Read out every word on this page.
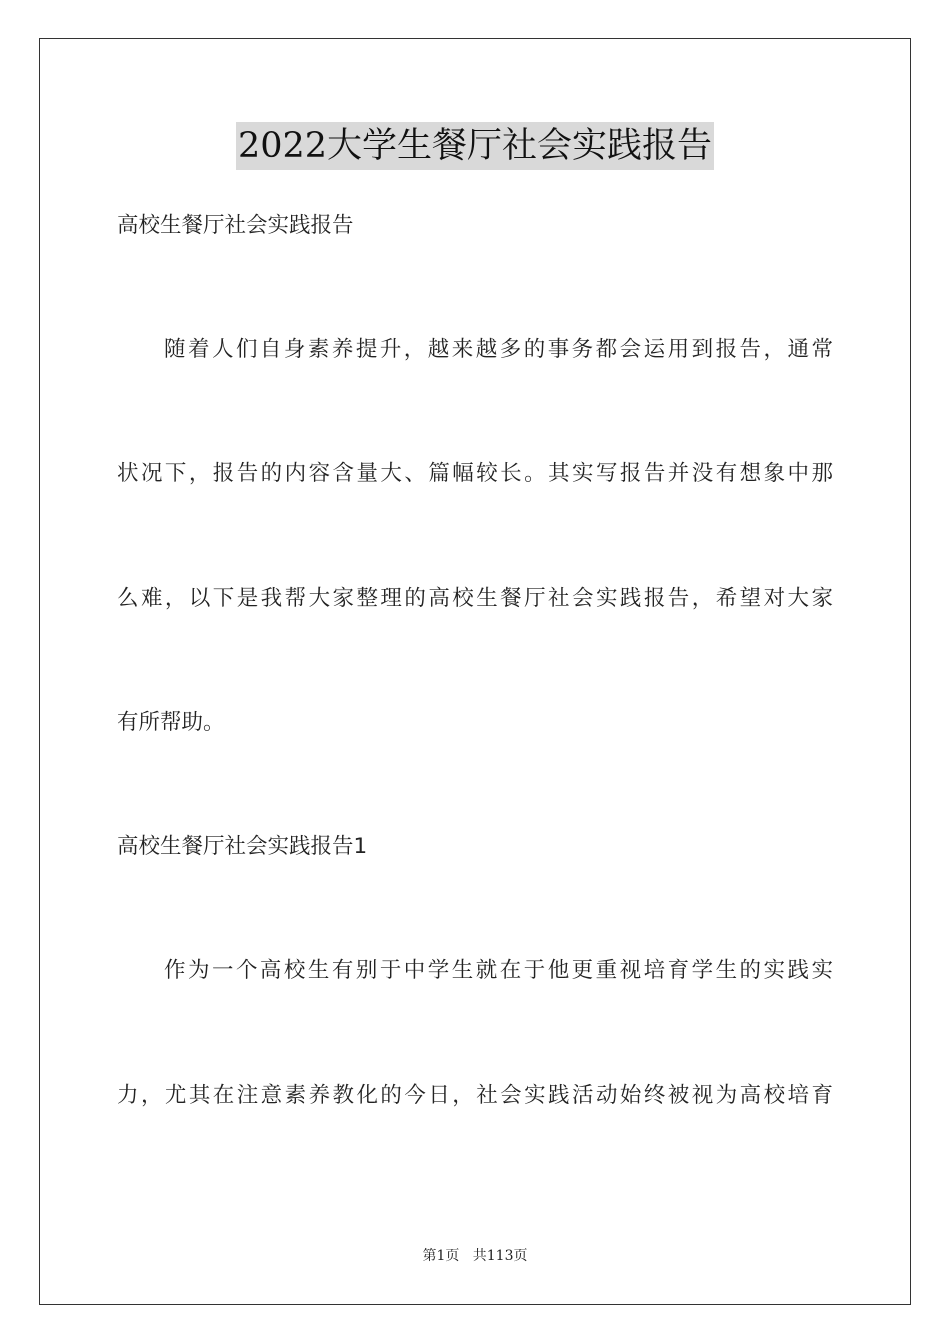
2022大学生餐厅社会实践报告
高校生餐厅社会实践报告
随着人们自身素养提升，越来越多的事务都会运用到报告，通常
状况下，报告的内容含量大、篇幅较长。其实写报告并没有想象中那
么难，以下是我帮大家整理的高校生餐厅社会实践报告，希望对大家
有所帮助。
高校生餐厅社会实践报告1
作为一个高校生有别于中学生就在于他更重视培育学生的实践实
力，尤其在注意素养教化的今日，社会实践活动始终被视为高校培育
第1页 共113页
